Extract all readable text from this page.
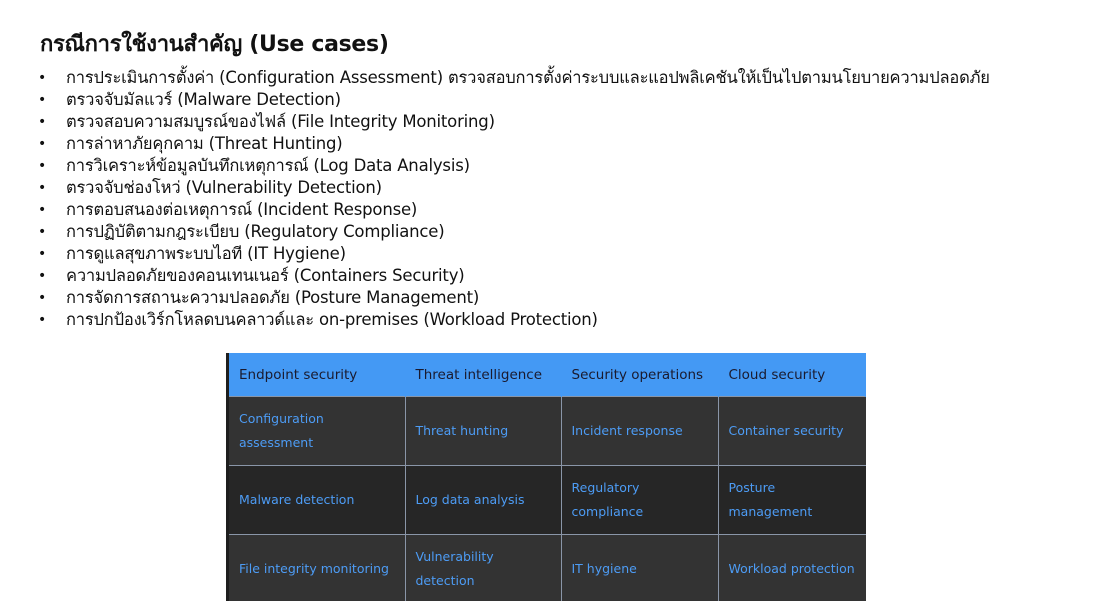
กรณีการใช้งานสำคัญ (Use cases)
• การประเมินการตั้งค่า (Configuration Assessment) ตรวจสอบการตั้งค่าระบบและแอปพลิเคชันให้เป็นไปตามนโยบายความปลอดภัย
• ตรวจจับมัลแวร์ (Malware Detection)
• ตรวจสอบความสมบูรณ์ของไฟล์ (File Integrity Monitoring)
• การล่าหาภัยคุกคาม (Threat Hunting)
• การวิเคราะห์ข้อมูลบันทึกเหตุการณ์ (Log Data Analysis)
• ตรวจจับช่องโหว่ (Vulnerability Detection)
• การตอบสนองต่อเหตุการณ์ (Incident Response)
• การปฏิบัติตามกฎระเบียบ (Regulatory Compliance)
• การดูแลสุขภาพระบบไอที (IT Hygiene)
• ความปลอดภัยของคอนเทนเนอร์ (Containers Security)
• การจัดการสถานะความปลอดภัย (Posture Management)
• การปกป้องเวิร์กโหลดบนคลาวด์และ on-premises (Workload Protection)
Endpoint security	Threat intelligence	Security operations	Cloud security
Configuration assessment	Threat hunting	Incident response	Container security
Malware detection	Log data analysis	Regulatory compliance	Posture management
File integrity monitoring	Vulnerability detection	IT hygiene	Workload protection
